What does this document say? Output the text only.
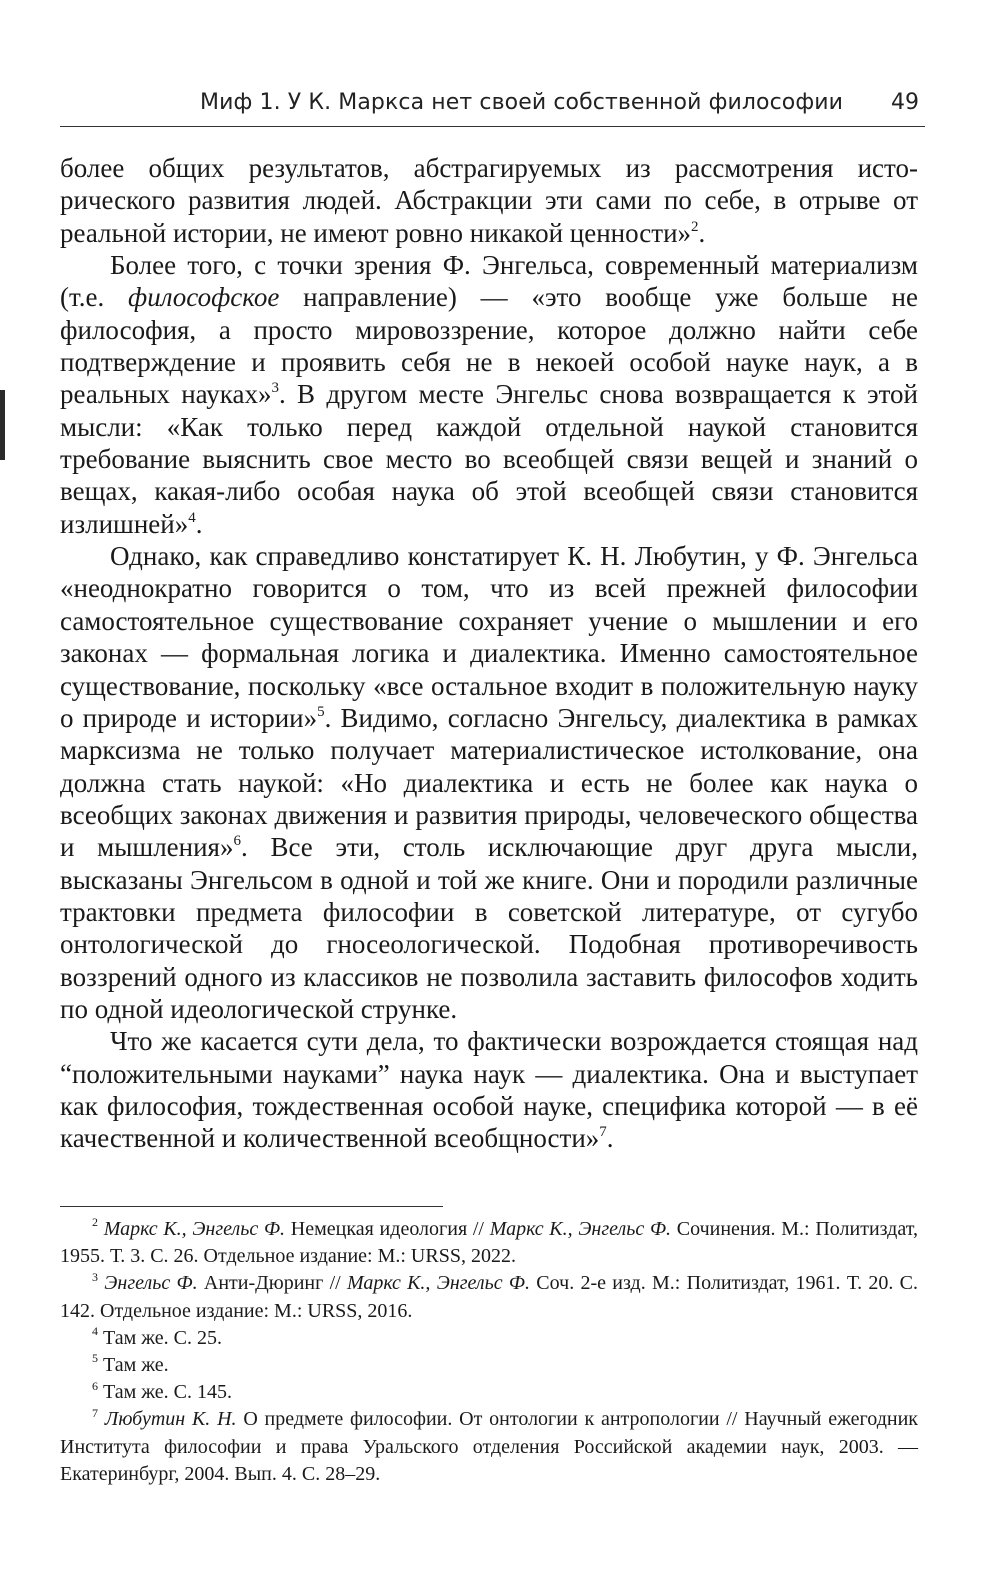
Миф 1. У К. Маркса нет своей собственной философии 49

более общих результатов, абстрагируемых из рассмотрения исторического развития людей. Абстракции эти сами по себе, в отрыве от реальной истории, не имеют ровно никакой ценности»$^2$.

Более того, с точки зрения Ф. Энгельса, современный материализм (т.е. философское направление) — «это вообще уже больше не философия, а просто мировоззрение, которое должно найти себе подтверждение и проявить себя не в некоей особой науке наук, а в реальных науках»$^3$. В другом месте Энгельс снова возвращается к этой мысли: «Как только перед каждой отдельной наукой становится требование выяснить свое место во всеобщей связи вещей и знаний о вещах, какая-либо особая наука об этой всеобщей связи становится излишней»$^4$.

Однако, как справедливо констатирует К. Н. Любутин, у Ф. Энгельса «неоднократно говорится о том, что из всей прежней философии самостоятельное существование сохраняет учение о мышлении и его законах — формальная логика и диалектика. Именно самостоятельное существование, поскольку «все остальное входит в положительную науку о природе и истории»$^5$. Видимо, согласно Энгельсу, диалектика в рамках марксизма не только получает материалистическое истолкование, она должна стать наукой: «Но диалектика и есть не более как наука о всеобщих законах движения и развития природы, человеческого общества и мышления»$^6$. Все эти, столь исключающие друг друга мысли, высказаны Энгельсом в одной и той же книге. Они и породили различные трактовки предмета философии в советской литературе, от сугубо онтологической до гносеологической. Подобная противоречивость воззрений одного из классиков не позволила заставить философов ходить по одной идеологической струнке.

Что же касается сути дела, то фактически возрождается стоящая над “положительными науками” наука наук — диалектика. Она и выступает как философия, тождественная особой науке, специфика которой — в её качественной и количественной всеобщности»$^7$.

$^2$ Маркс К., Энгельс Ф. Немецкая идеология // Маркс К., Энгельс Ф. Сочинения. М.: Политиздат, 1955. Т. 3. С. 26. Отдельное издание: М.: URSS, 2022.

$^3$ Энгельс Ф. Анти-Дюринг // Маркс К., Энгельс Ф. Соч. 2-е изд. М.: Политиздат, 1961. Т. 20. С. 142. Отдельное издание: М.: URSS, 2016.

$^4$ Там же. С. 25.

$^5$ Там же.

$^6$ Там же. С. 145.

$^7$ Любутин К. Н. О предмете философии. От онтологии к антропологии // Научный ежегодник Института философии и права Уральского отделения Российской академии наук, 2003. — Екатеринбург, 2004. Вып. 4. С. 28–29.
